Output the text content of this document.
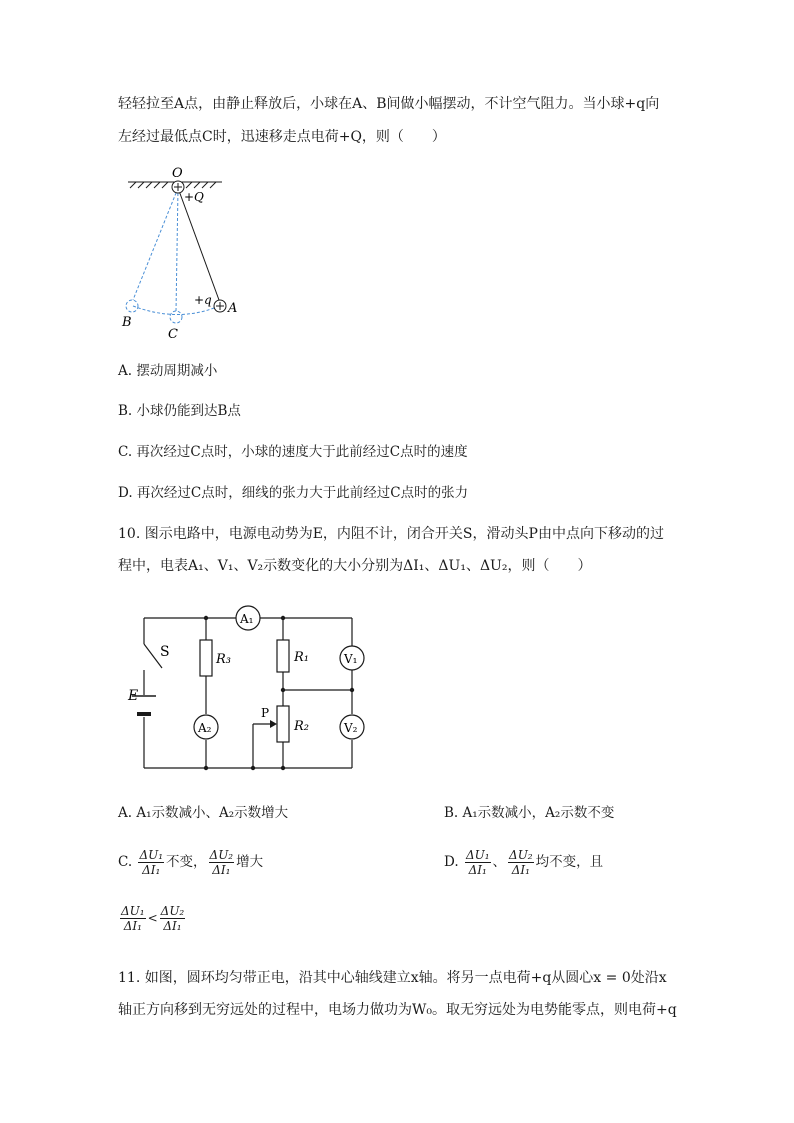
轻轻拉至A点，由静止释放后，小球在A、B间做小幅摆动，不计空气阻力。当小球+q向
左经过最低点C时，迅速移走点电荷+Q，则（　　）
O
+Q
+q
A
B
C
A. 摆动周期减小
B. 小球仍能到达B点
C. 再次经过C点时，小球的速度大于此前经过C点时的速度
D. 再次经过C点时，细线的张力大于此前经过C点时的张力
10. 图示电路中，电源电动势为E，内阻不计，闭合开关S，滑动头P由中点向下移动的过
程中，电表A₁、V₁、V₂示数变化的大小分别为ΔI₁、ΔU₁、ΔU₂，则（　　）
A₁
A₂
V₁
V₂
R₃	R₁
R₂
S
E
P
A. A₁示数减小、A₂示数增大	B. A₁示数减小，A₂示数不变
C. $\frac{\text{ΔU₁}}{\text{ΔI₁}}$ 不变， $\frac{\text{ΔU₂}}{\text{ΔI₁}}$ 增大	D. $\frac{\text{ΔU₁}}{\text{ΔI₁}}$ 、 $\frac{\text{ΔU₂}}{\text{ΔI₁}}$ 均不变，且
$\frac{\text{ΔU₁}}{\text{ΔI₁}} < \frac{\text{ΔU₂}}{\text{ΔI₁}}$
11. 如图，圆环均匀带正电，沿其中心轴线建立x轴。将另一点电荷+q从圆心x = 0处沿x
轴正方向移到无穷远处的过程中，电场力做功为W₀。取无穷远处为电势能零点，则电荷+q
